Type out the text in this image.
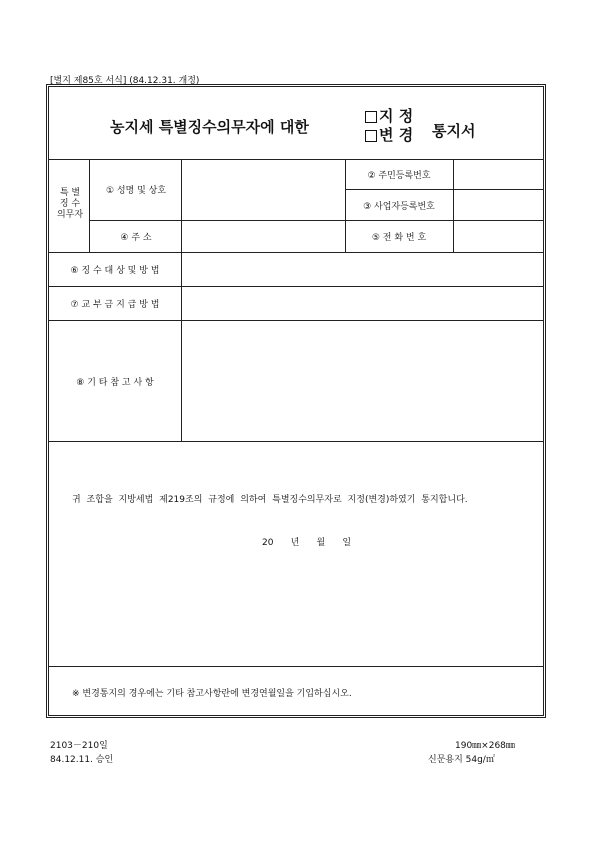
[별지 제85호 서식] (84.12.31. 개정)
농지세 특별징수의무자에 대한
지 정
변 경 통지서
특 별
징 수
의무자
① 성명 및 상호
② 주민등록번호
③ 사업자등록번호
④ 주 소	⑤ 전 화 번 호
⑥ 징 수 대 상 및 방 법
⑦ 교 부 금 지 급 방 법
⑧ 기 타 참 고 사 항
귀 조합을 지방세법 제219조의 규정에 의하여 특별징수의무자로 지정(변경)하였기 통지합니다.
20      년      월      일
※ 변경통지의 경우에는 기타 참고사항란에 변경연월일을 기입하십시오.
2103－210일
84.12.11. 승인
190㎜×268㎜
신문용지 54g/㎡
